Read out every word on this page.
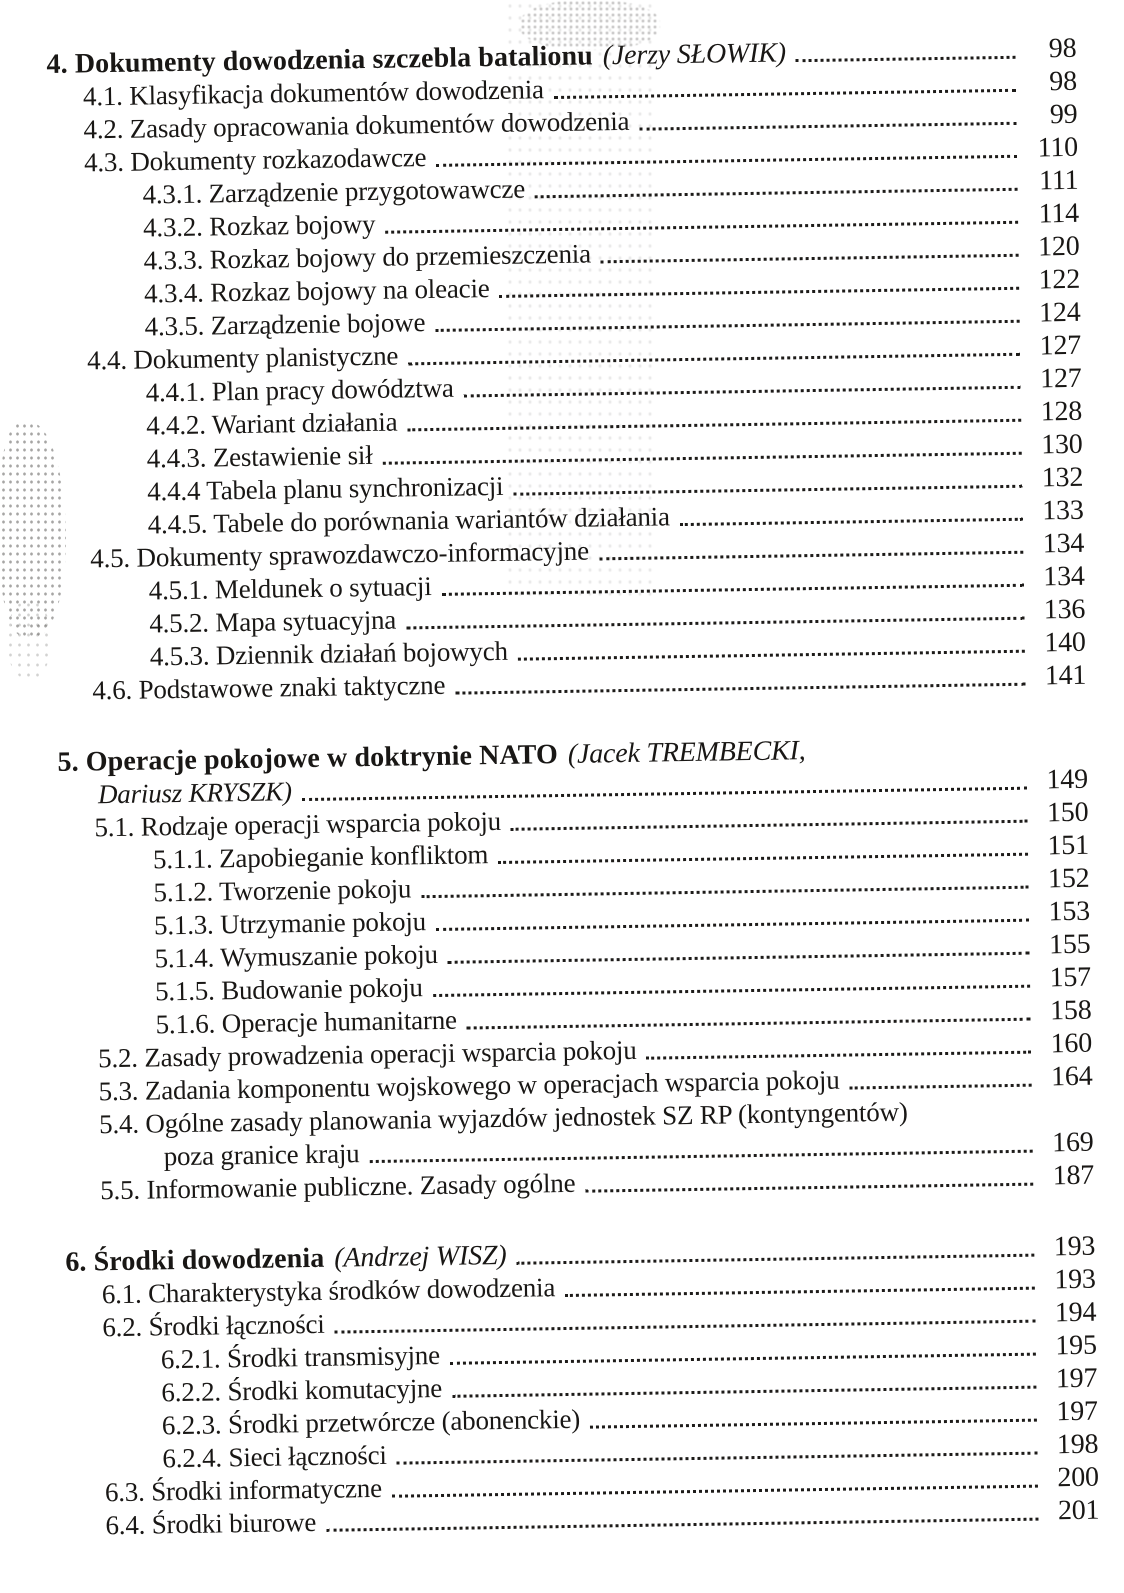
4. Dokumenty dowodzenia szczebla batalionu (Jerzy SŁOWIK)	98
4.1. Klasyfikacja dokumentów dowodzenia	98
4.2. Zasady opracowania dokumentów dowodzenia	99
4.3. Dokumenty rozkazodawcze	110
4.3.1. Zarządzenie przygotowawcze	111
4.3.2. Rozkaz bojowy	114
4.3.3. Rozkaz bojowy do przemieszczenia	120
4.3.4. Rozkaz bojowy na oleacie	122
4.3.5. Zarządzenie bojowe	124
4.4. Dokumenty planistyczne	127
4.4.1. Plan pracy dowództwa	127
4.4.2. Wariant działania	128
4.4.3. Zestawienie sił	130
4.4.4 Tabela planu synchronizacji	132
4.4.5. Tabele do porównania wariantów działania	133
4.5. Dokumenty sprawozdawczo-informacyjne	134
4.5.1. Meldunek o sytuacji	134
4.5.2. Mapa sytuacyjna	136
4.5.3. Dziennik działań bojowych	140
4.6. Podstawowe znaki taktyczne	141
5. Operacje pokojowe w doktrynie NATO (Jacek TREMBECKI,
Dariusz KRYSZK)	149
5.1. Rodzaje operacji wsparcia pokoju	150
5.1.1. Zapobieganie konfliktom	151
5.1.2. Tworzenie pokoju	152
5.1.3. Utrzymanie pokoju	153
5.1.4. Wymuszanie pokoju	155
5.1.5. Budowanie pokoju	157
5.1.6. Operacje humanitarne	158
5.2. Zasady prowadzenia operacji wsparcia pokoju	160
5.3. Zadania komponentu wojskowego w operacjach wsparcia pokoju	164
5.4. Ogólne zasady planowania wyjazdów jednostek SZ RP (kontyngentów)
poza granice kraju	169
5.5. Informowanie publiczne. Zasady ogólne	187
6. Środki dowodzenia (Andrzej WISZ)	193
6.1. Charakterystyka środków dowodzenia	193
6.2. Środki łączności	194
6.2.1. Środki transmisyjne	195
6.2.2. Środki komutacyjne	197
6.2.3. Środki przetwórcze (abonenckie)	197
6.2.4. Sieci łączności	198
6.3. Środki informatyczne	200
6.4. Środki biurowe	201
